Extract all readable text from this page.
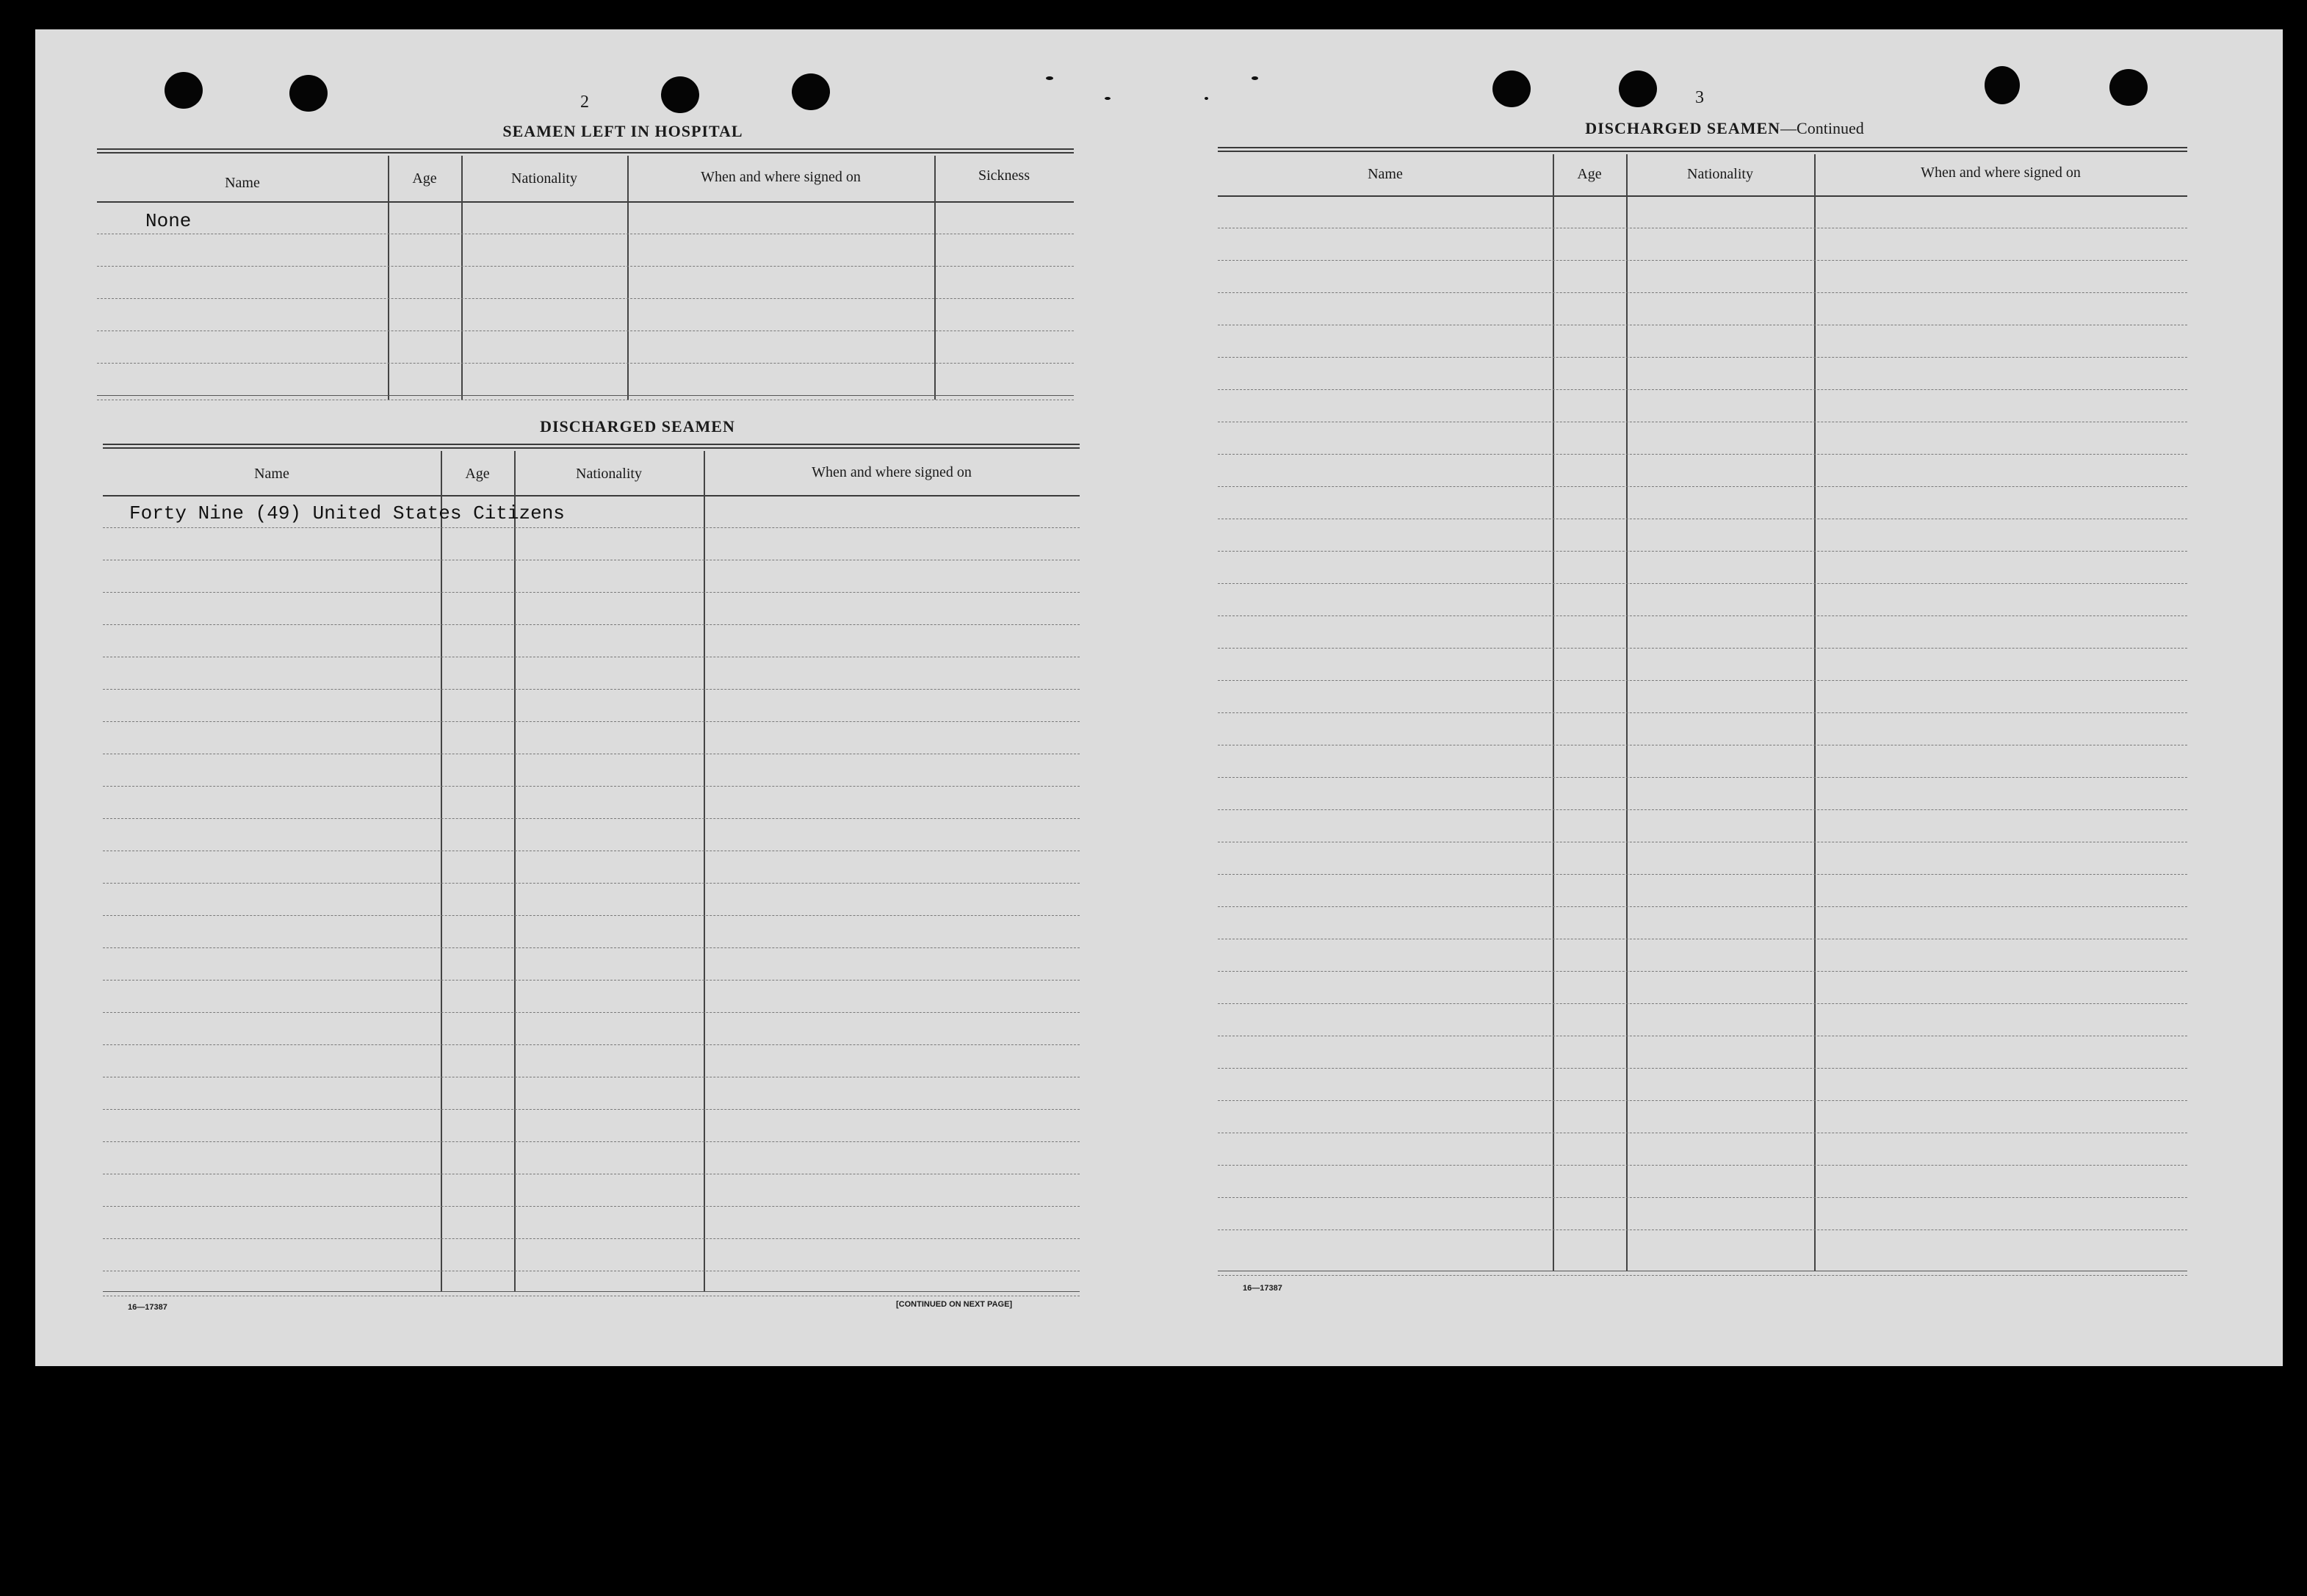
2
SEAMEN LEFT IN HOSPITAL
Name	Age	Nationality	When and where signed on	Sickness
None
DISCHARGED SEAMEN
Name	Age	Nationality	When and where signed on
Forty Nine (49) United States Citizens
16—17387	[CONTINUED ON NEXT PAGE]
3
DISCHARGED SEAMEN—Continued
Name	Age	Nationality	When and where signed on
16—17387
